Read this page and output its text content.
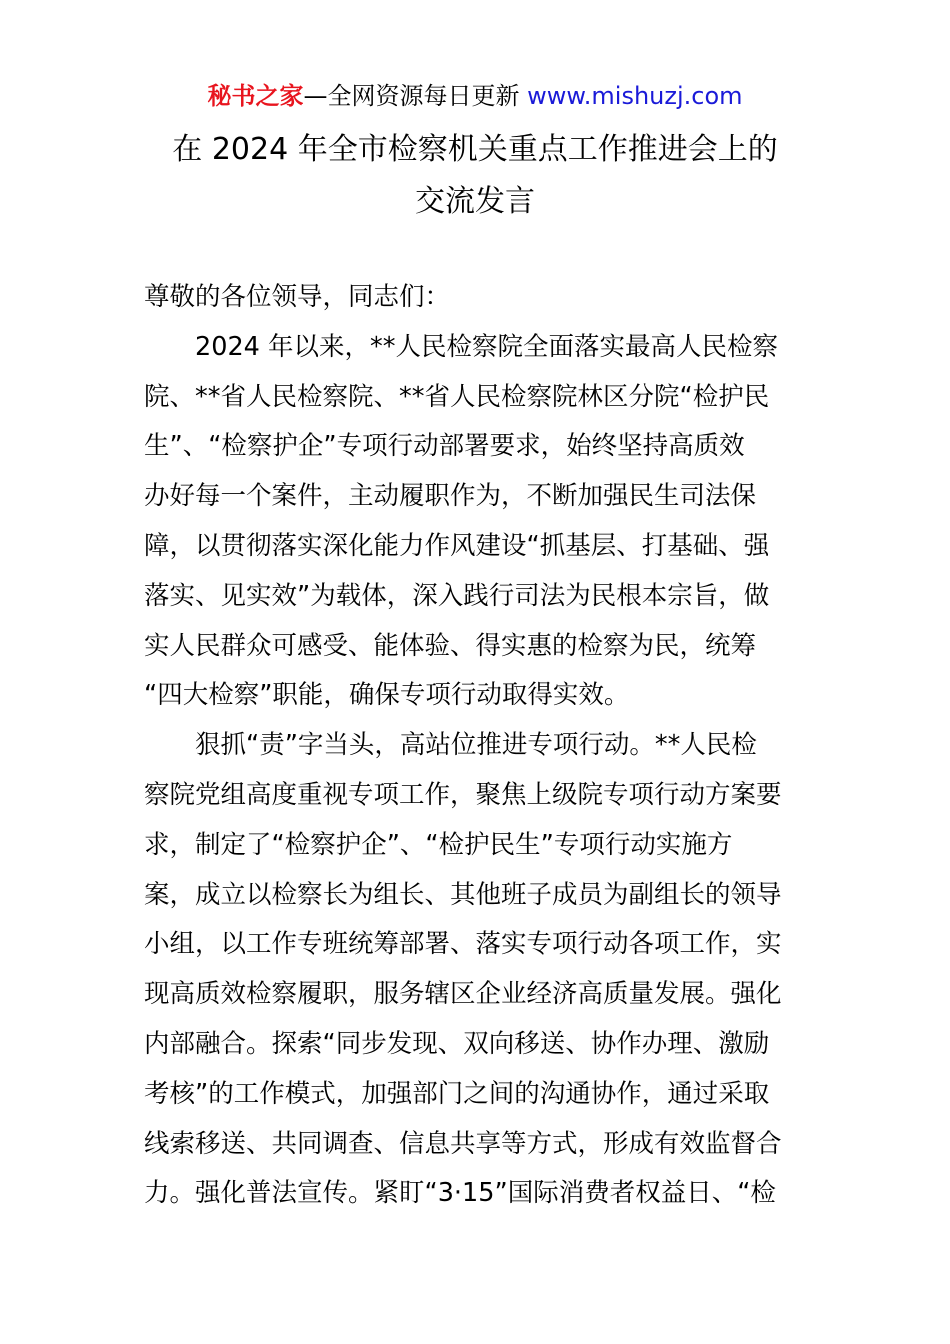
秘书之家—全网资源每日更新 www.mishuzj.com
在 2024 年全市检察机关重点工作推进会上的
交流发言
尊敬的各位领导，同志们：
　　2024 年以来，**人民检察院全面落实最高人民检察
院、**省人民检察院、**省人民检察院林区分院“检护民
生”、“检察护企”专项行动部署要求，始终坚持高质效
办好每一个案件，主动履职作为，不断加强民生司法保
障，以贯彻落实深化能力作风建设“抓基层、打基础、强
落实、见实效”为载体，深入践行司法为民根本宗旨，做
实人民群众可感受、能体验、得实惠的检察为民，统筹
“四大检察”职能，确保专项行动取得实效。
　　狠抓“责”字当头，高站位推进专项行动。**人民检
察院党组高度重视专项工作，聚焦上级院专项行动方案要
求，制定了“检察护企”、“检护民生”专项行动实施方
案，成立以检察长为组长、其他班子成员为副组长的领导
小组，以工作专班统筹部署、落实专项行动各项工作，实
现高质效检察履职，服务辖区企业经济高质量发展。强化
内部融合。探索“同步发现、双向移送、协作办理、激励
考核”的工作模式，加强部门之间的沟通协作，通过采取
线索移送、共同调查、信息共享等方式，形成有效监督合
力。强化普法宣传。紧盯“3·15”国际消费者权益日、“检
